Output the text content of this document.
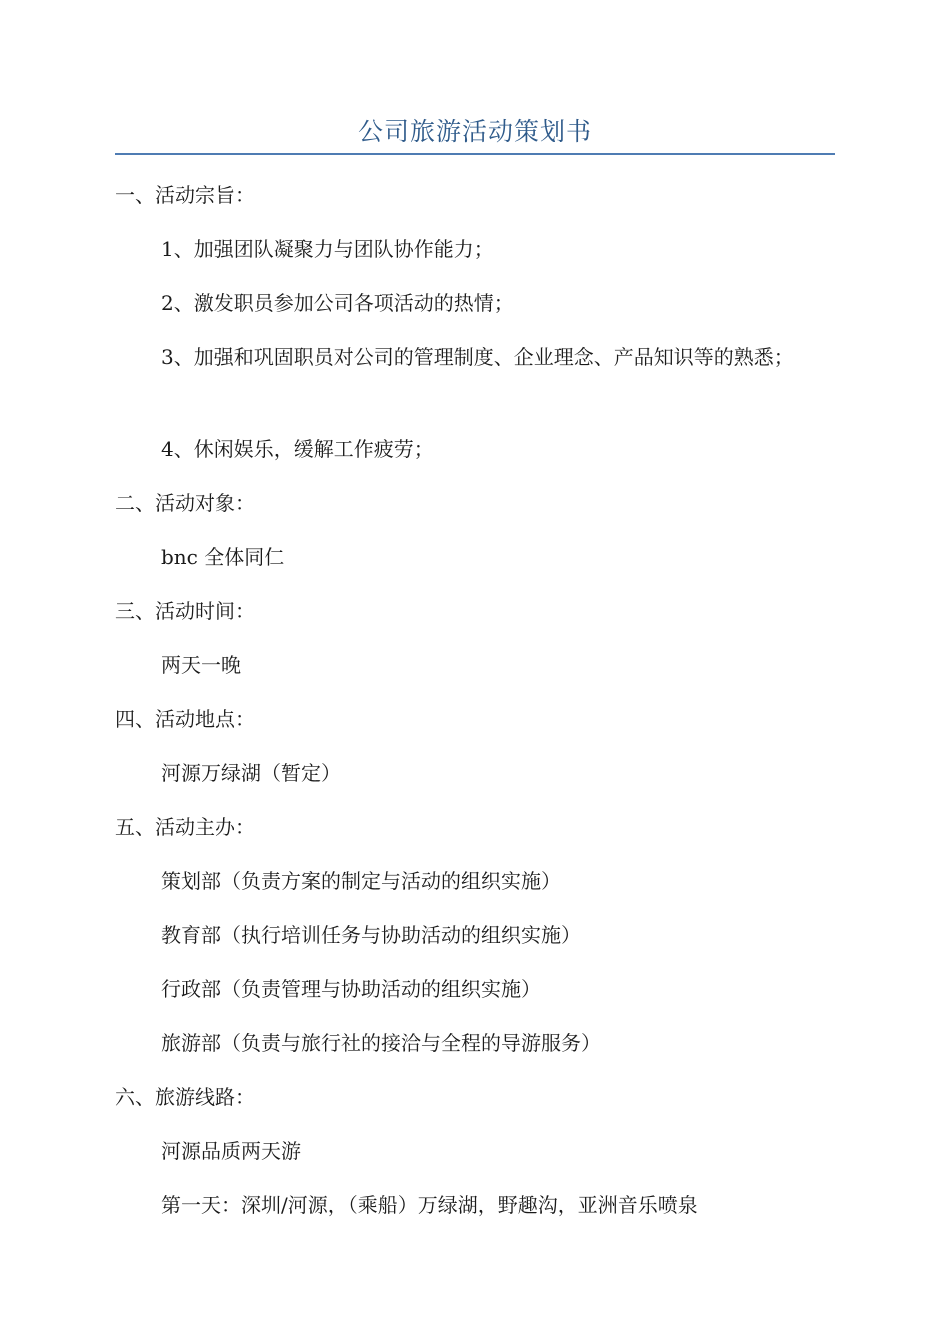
公司旅游活动策划书
一、活动宗旨：
1、加强团队凝聚力与团队协作能力；
2、激发职员参加公司各项活动的热情；
3、加强和巩固职员对公司的管理制度、企业理念、产品知识等的熟悉；
4、休闲娱乐，缓解工作疲劳；
二、活动对象：
bnc 全体同仁
三、活动时间：
两天一晚
四、活动地点：
河源万绿湖（暂定）
五、活动主办：
策划部（负责方案的制定与活动的组织实施）
教育部（执行培训任务与协助活动的组织实施）
行政部（负责管理与协助活动的组织实施）
旅游部（负责与旅行社的接洽与全程的导游服务）
六、旅游线路：
河源品质两天游
第一天：深圳/河源，（乘船）万绿湖，野趣沟，亚洲音乐喷泉
